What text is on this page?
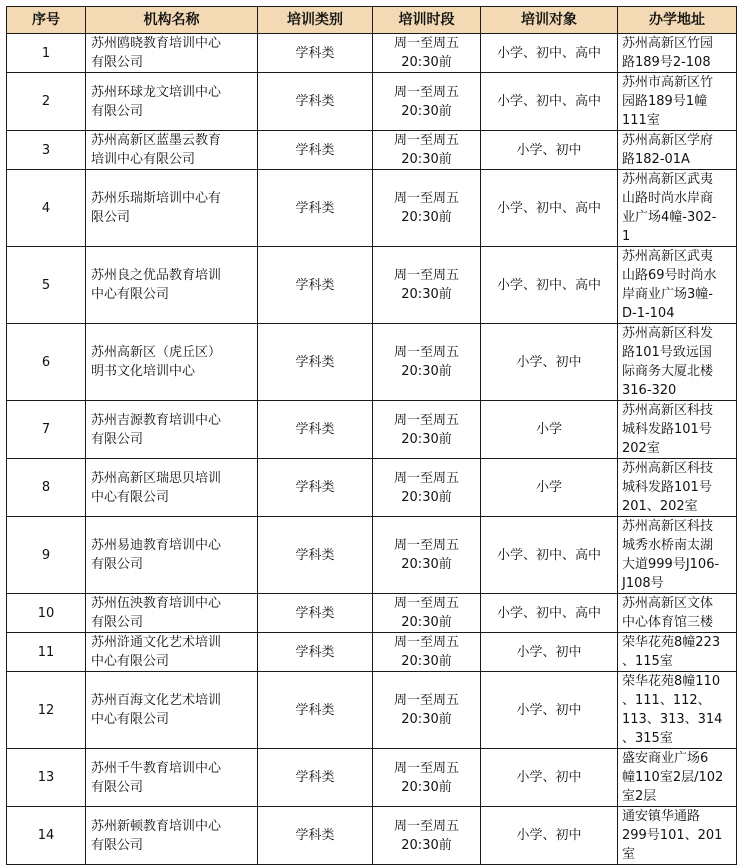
序号	机构名称	培训类别	培训时段	培训对象	办学地址

1	苏州鸥晓教育培训中心
有限公司	学科类	周一至周五
20:30前	小学、初中、高中	苏州高新区竹园
路189号2-108

2	苏州环球龙文培训中心
有限公司	学科类	周一至周五
20:30前	小学、初中、高中	苏州市高新区竹
园路189号1幢
111室

3	苏州高新区蓝墨云教育
培训中心有限公司	学科类	周一至周五
20:30前	小学、初中	苏州高新区学府
路182-01A

4	苏州乐瑞斯培训中心有
限公司	学科类	周一至周五
20:30前	小学、初中、高中	苏州高新区武夷
山路时尚水岸商
业广场4幢-302-
1

5	苏州良之优品教育培训
中心有限公司	学科类	周一至周五
20:30前	小学、初中、高中	苏州高新区武夷
山路69号时尚水
岸商业广场3幢-
D-1-104

6	苏州高新区（虎丘区）
明书文化培训中心	学科类	周一至周五
20:30前	小学、初中	苏州高新区科发
路101号致远国
际商务大厦北楼
316-320

7	苏州吉源教育培训中心
有限公司	学科类	周一至周五
20:30前	小学	苏州高新区科技
城科发路101号
202室

8	苏州高新区瑞思贝培训
中心有限公司	学科类	周一至周五
20:30前	小学	苏州高新区科技
城科发路101号
201、202室

9	苏州易迪教育培训中心
有限公司	学科类	周一至周五
20:30前	小学、初中、高中	苏州高新区科技
城秀水桥南太湖
大道999号J106-
J108号

10	苏州伍泱教育培训中心
有限公司	学科类	周一至周五
20:30前	小学、初中、高中	苏州高新区文体
中心体育馆三楼

11	苏州浒通文化艺术培训
中心有限公司	学科类	周一至周五
20:30前	小学、初中	荣华花苑8幢223
、115室

12	苏州百海文化艺术培训
中心有限公司	学科类	周一至周五
20:30前	小学、初中	荣华花苑8幢110
、111、112、
113、313、314
、315室

13	苏州千牛教育培训中心
有限公司	学科类	周一至周五
20:30前	小学、初中	盛安商业广场6
幢110室2层/102
室2层

14	苏州新顿教育培训中心
有限公司	学科类	周一至周五
20:30前	小学、初中	通安镇华通路
299号101、201
室
